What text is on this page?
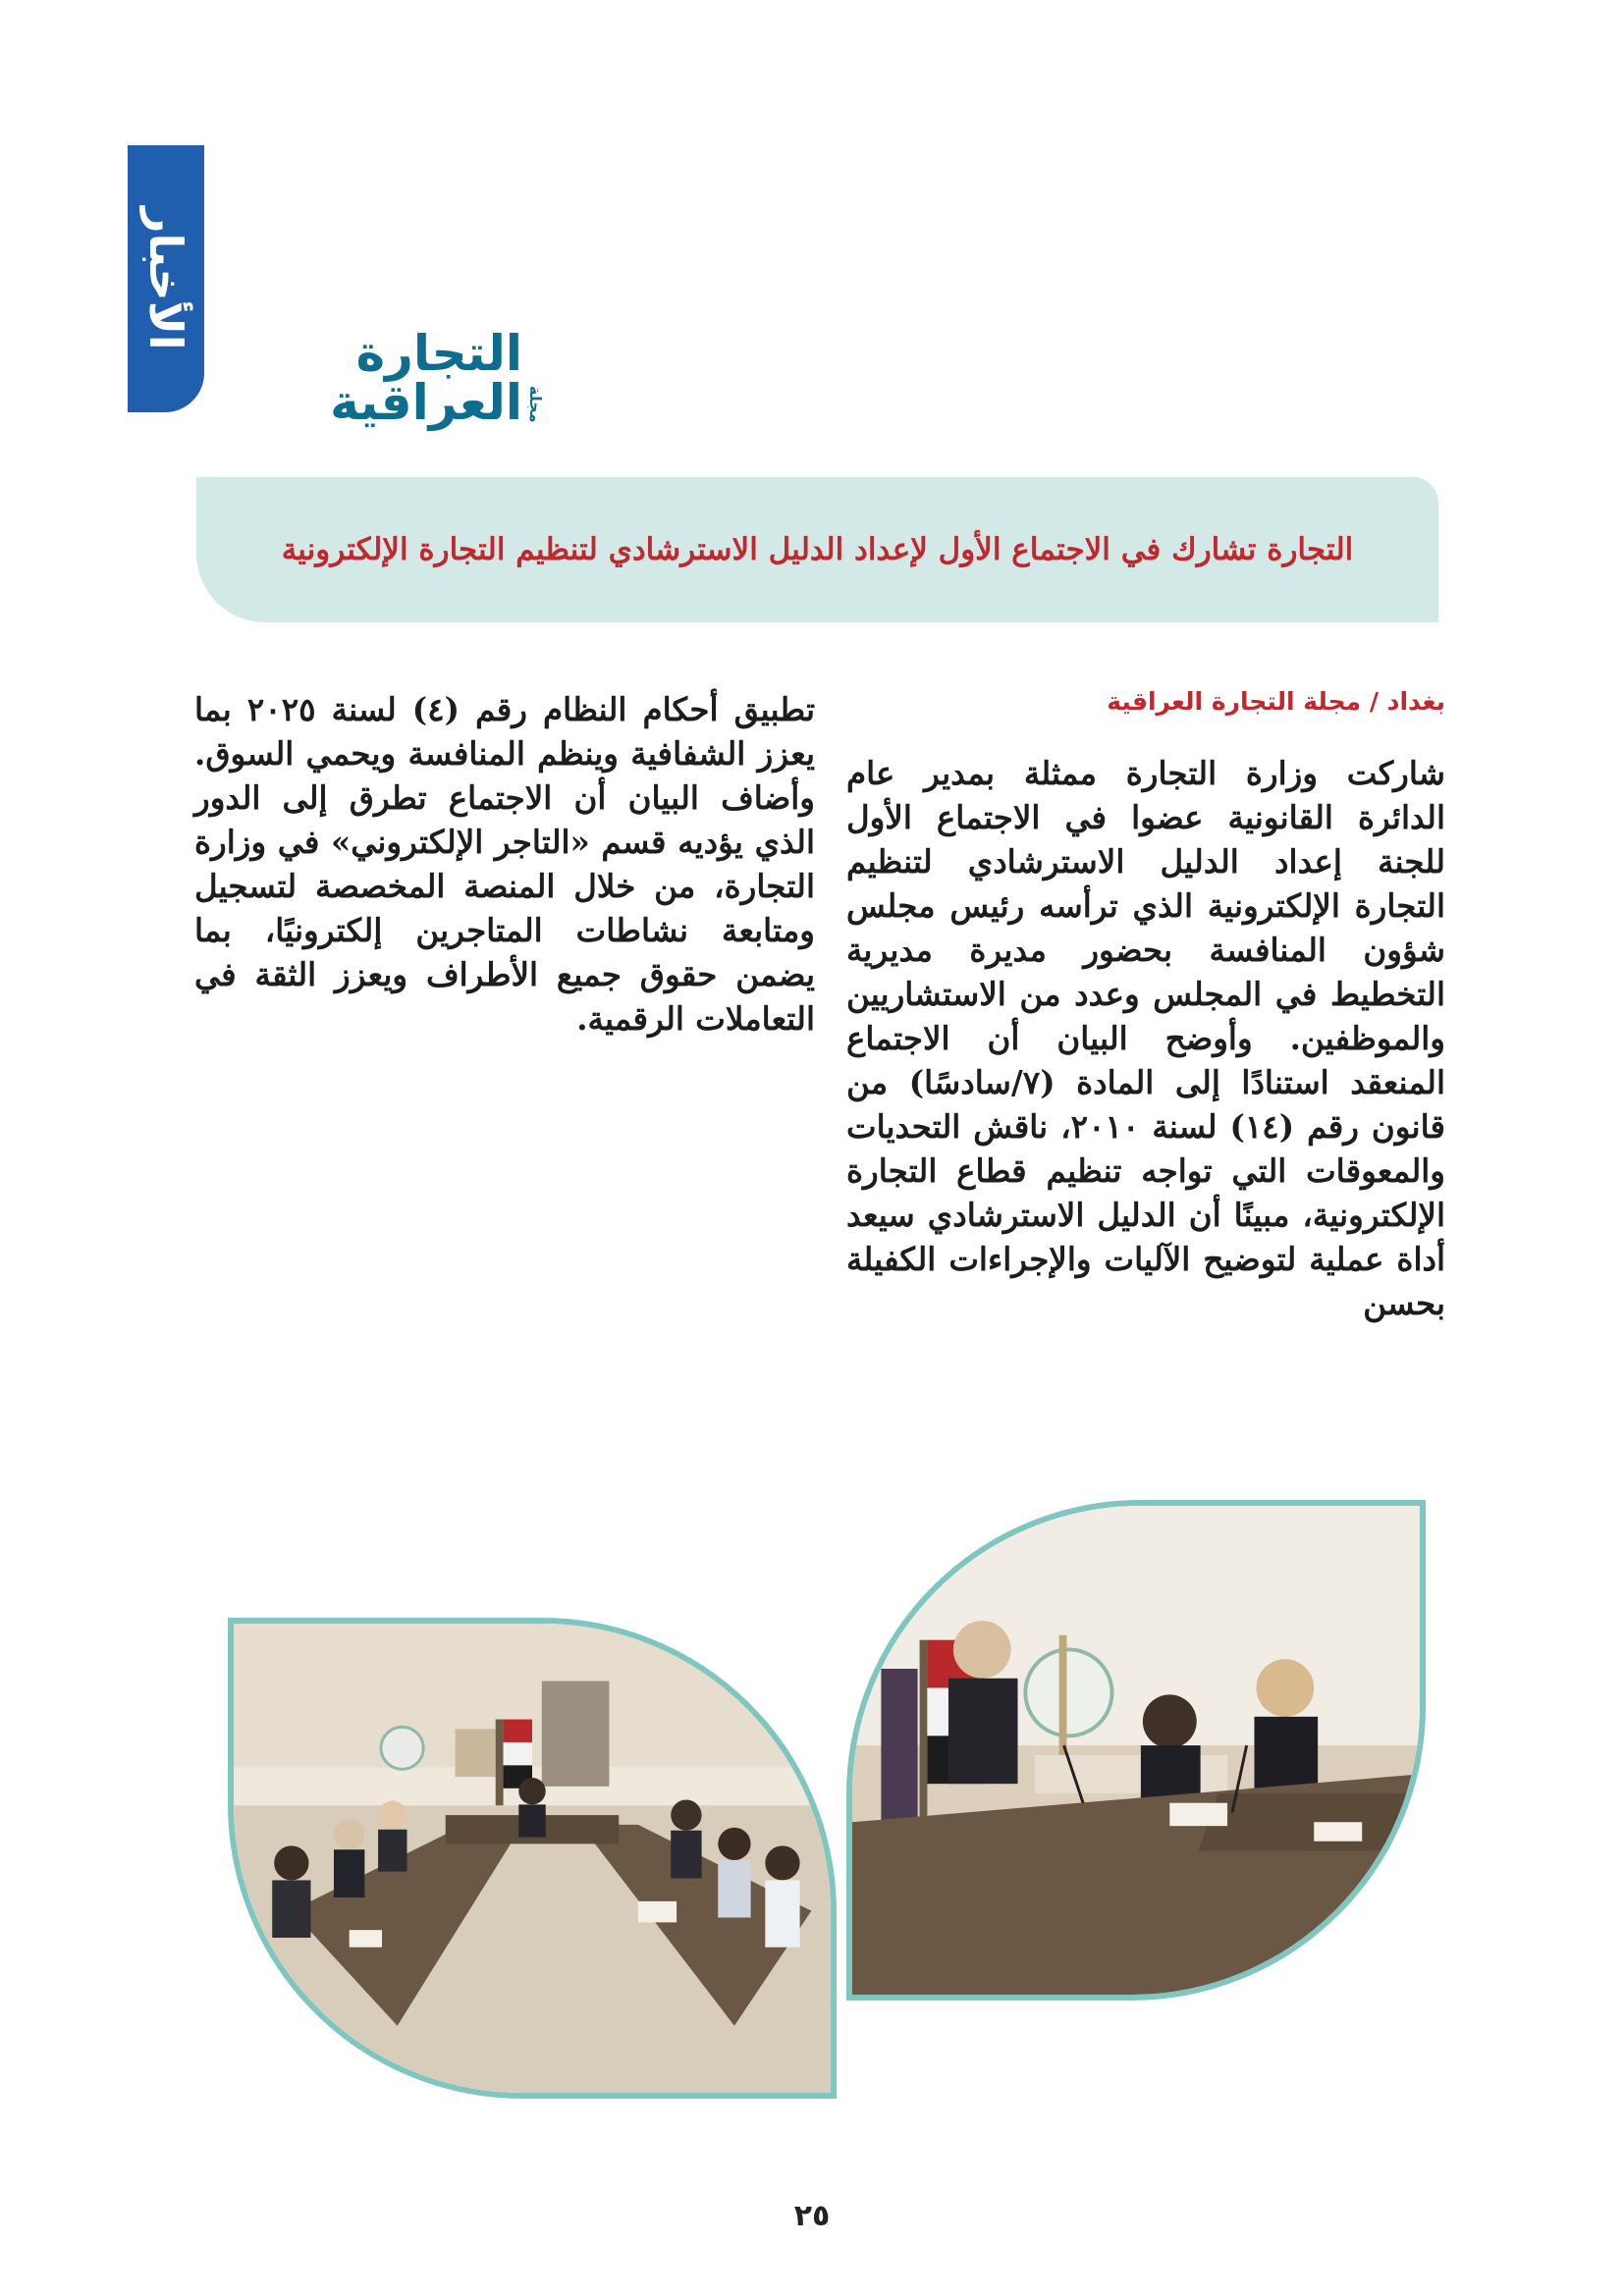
الأخبار
التجارة العراقية مجلة
التجارة تشارك في الاجتماع الأول لإعداد الدليل الاسترشادي لتنظيم التجارة الإلكترونية
بغداد / مجلة التجارة العراقية
شاركت وزارة التجارة ممثلة بمدير عام الدائرة القانونية عضوا في الاجتماع الأول للجنة إعداد الدليل الاسترشادي لتنظيم التجارة الإلكترونية الذي ترأسه رئيس مجلس شؤون المنافسة بحضور مديرة مديرية التخطيط في المجلس وعدد من الاستشاريين والموظفين. وأوضح البيان أن الاجتماع المنعقد استنادًا إلى المادة (٧/سادسًا) من قانون رقم (١٤) لسنة ٢٠١٠، ناقش التحديات والمعوقات التي تواجه تنظيم قطاع التجارة الإلكترونية، مبينًا أن الدليل الاسترشادي سيعد أداة عملية لتوضيح الآليات والإجراءات الكفيلة بحسن
تطبيق أحكام النظام رقم (٤) لسنة ٢٠٢٥ بما يعزز الشفافية وينظم المنافسة ويحمي السوق. وأضاف البيان أن الاجتماع تطرق إلى الدور الذي يؤديه قسم «التاجر الإلكتروني» في وزارة التجارة، من خلال المنصة المخصصة لتسجيل ومتابعة نشاطات المتاجرين إلكترونيًا، بما يضمن حقوق جميع الأطراف ويعزز الثقة في التعاملات الرقمية.
٢٥
